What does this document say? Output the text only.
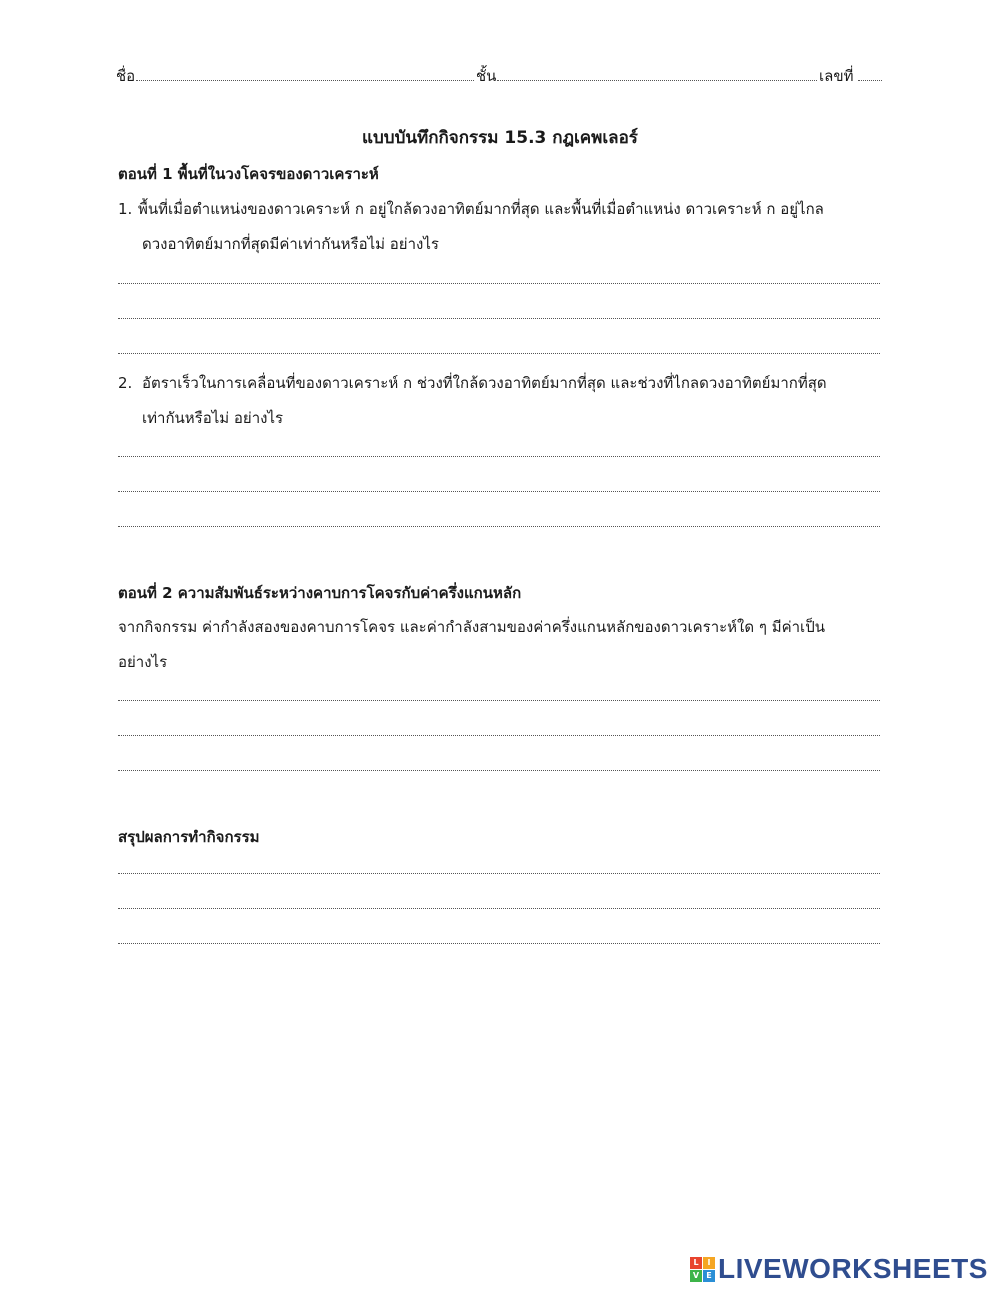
ชื่อ	ชั้น	เลขที่
แบบบันทึกกิจกรรม 15.3 กฎเคพเลอร์
ตอนที่ 1 พื้นที่ในวงโคจรของดาวเคราะห์
1. พื้นที่เมื่อตำแหน่งของดาวเคราะห์ ก อยู่ใกล้ดวงอาทิตย์มากที่สุด และพื้นที่เมื่อตำแหน่ง ดาวเคราะห์ ก อยู่ไกล
ดวงอาทิตย์มากที่สุดมีค่าเท่ากันหรือไม่ อย่างไร
2. อัตราเร็วในการเคลื่อนที่ของดาวเคราะห์ ก ช่วงที่ใกล้ดวงอาทิตย์มากที่สุด และช่วงที่ไกลดวงอาทิตย์มากที่สุด
เท่ากันหรือไม่ อย่างไร
ตอนที่ 2 ความสัมพันธ์ระหว่างคาบการโคจรกับค่าครึ่งแกนหลัก
จากกิจกรรม ค่ากำลังสองของคาบการโคจร และค่ากำลังสามของค่าครึ่งแกนหลักของดาวเคราะห์ใด ๆ มีค่าเป็น
อย่างไร
สรุปผลการทำกิจกรรม
L	I
V E LIVEWORKSHEETS
